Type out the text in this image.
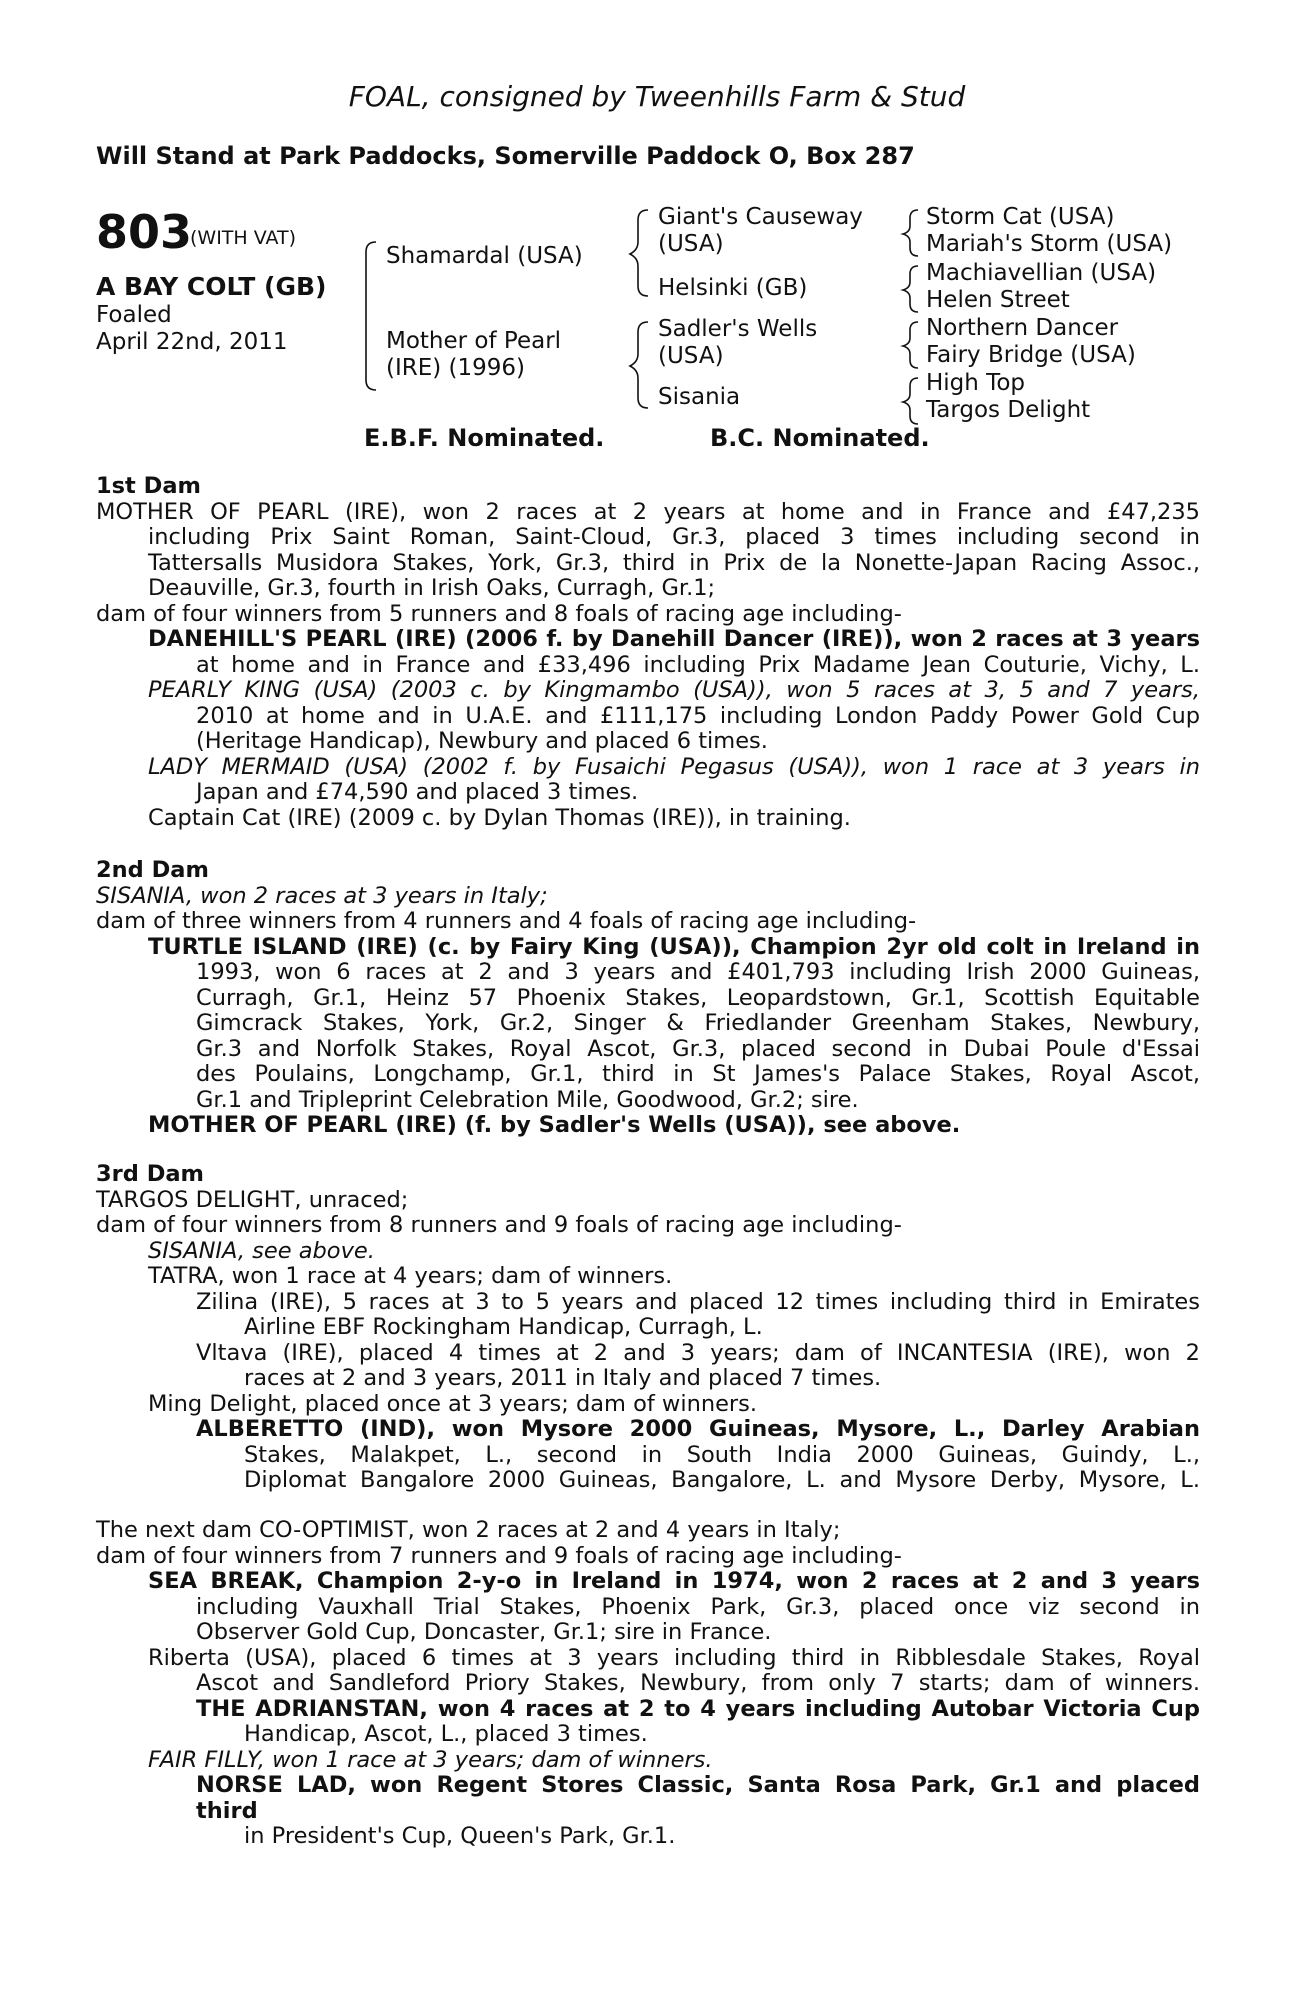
FOAL, consigned by Tweenhills Farm & Stud
Will Stand at Park Paddocks, Somerville Paddock O, Box 287
803
(WITH VAT)
A BAY COLT (GB)
Foaled
April 22nd, 2011
Shamardal (USA)
Mother of Pearl (IRE) (1996)
Giant's Causeway (USA)
Helsinki (GB)
Sadler's Wells (USA)
Sisania
Storm Cat (USA)
Mariah's Storm (USA)
Machiavellian (USA)
Helen Street
Northern Dancer
Fairy Bridge (USA)
High Top
Targos Delight
E.B.F. Nominated.	B.C. Nominated.
1st Dam
MOTHER OF PEARL (IRE), won 2 races at 2 years at home and in France and £47,235
including Prix Saint Roman, Saint-Cloud, Gr.3, placed 3 times including second in
Tattersalls Musidora Stakes, York, Gr.3, third in Prix de la Nonette-Japan Racing Assoc.,
Deauville, Gr.3, fourth in Irish Oaks, Curragh, Gr.1;
dam of four winners from 5 runners and 8 foals of racing age including-
DANEHILL'S PEARL (IRE) (2006 f. by Danehill Dancer (IRE)), won 2 races at 3 years
at home and in France and £33,496 including Prix Madame Jean Couturie, Vichy, L.
PEARLY KING (USA) (2003 c. by Kingmambo (USA)), won 5 races at 3, 5 and 7 years,
2010 at home and in U.A.E. and £111,175 including London Paddy Power Gold Cup
(Heritage Handicap), Newbury and placed 6 times.
LADY MERMAID (USA) (2002 f. by Fusaichi Pegasus (USA)), won 1 race at 3 years in
Japan and £74,590 and placed 3 times.
Captain Cat (IRE) (2009 c. by Dylan Thomas (IRE)), in training.
2nd Dam
SISANIA, won 2 races at 3 years in Italy;
dam of three winners from 4 runners and 4 foals of racing age including-
TURTLE ISLAND (IRE) (c. by Fairy King (USA)), Champion 2yr old colt in Ireland in
1993, won 6 races at 2 and 3 years and £401,793 including Irish 2000 Guineas,
Curragh, Gr.1, Heinz 57 Phoenix Stakes, Leopardstown, Gr.1, Scottish Equitable
Gimcrack Stakes, York, Gr.2, Singer & Friedlander Greenham Stakes, Newbury,
Gr.3 and Norfolk Stakes, Royal Ascot, Gr.3, placed second in Dubai Poule d'Essai
des Poulains, Longchamp, Gr.1, third in St James's Palace Stakes, Royal Ascot,
Gr.1 and Tripleprint Celebration Mile, Goodwood, Gr.2; sire.
MOTHER OF PEARL (IRE) (f. by Sadler's Wells (USA)), see above.
3rd Dam
TARGOS DELIGHT, unraced;
dam of four winners from 8 runners and 9 foals of racing age including-
SISANIA, see above.
TATRA, won 1 race at 4 years; dam of winners.
Zilina (IRE), 5 races at 3 to 5 years and placed 12 times including third in Emirates
Airline EBF Rockingham Handicap, Curragh, L.
Vltava (IRE), placed 4 times at 2 and 3 years; dam of INCANTESIA (IRE), won 2
races at 2 and 3 years, 2011 in Italy and placed 7 times.
Ming Delight, placed once at 3 years; dam of winners.
ALBERETTO (IND), won Mysore 2000 Guineas, Mysore, L., Darley Arabian
Stakes, Malakpet, L., second in South India 2000 Guineas, Guindy, L.,
Diplomat Bangalore 2000 Guineas, Bangalore, L. and Mysore Derby, Mysore, L.
The next dam CO-OPTIMIST, won 2 races at 2 and 4 years in Italy;
dam of four winners from 7 runners and 9 foals of racing age including-
SEA BREAK, Champion 2-y-o in Ireland in 1974, won 2 races at 2 and 3 years
including Vauxhall Trial Stakes, Phoenix Park, Gr.3, placed once viz second in
Observer Gold Cup, Doncaster, Gr.1; sire in France.
Riberta (USA), placed 6 times at 3 years including third in Ribblesdale Stakes, Royal
Ascot and Sandleford Priory Stakes, Newbury, from only 7 starts; dam of winners.
THE ADRIANSTAN, won 4 races at 2 to 4 years including Autobar Victoria Cup
Handicap, Ascot, L., placed 3 times.
FAIR FILLY, won 1 race at 3 years; dam of winners.
NORSE LAD, won Regent Stores Classic, Santa Rosa Park, Gr.1 and placed third
in President's Cup, Queen's Park, Gr.1.
